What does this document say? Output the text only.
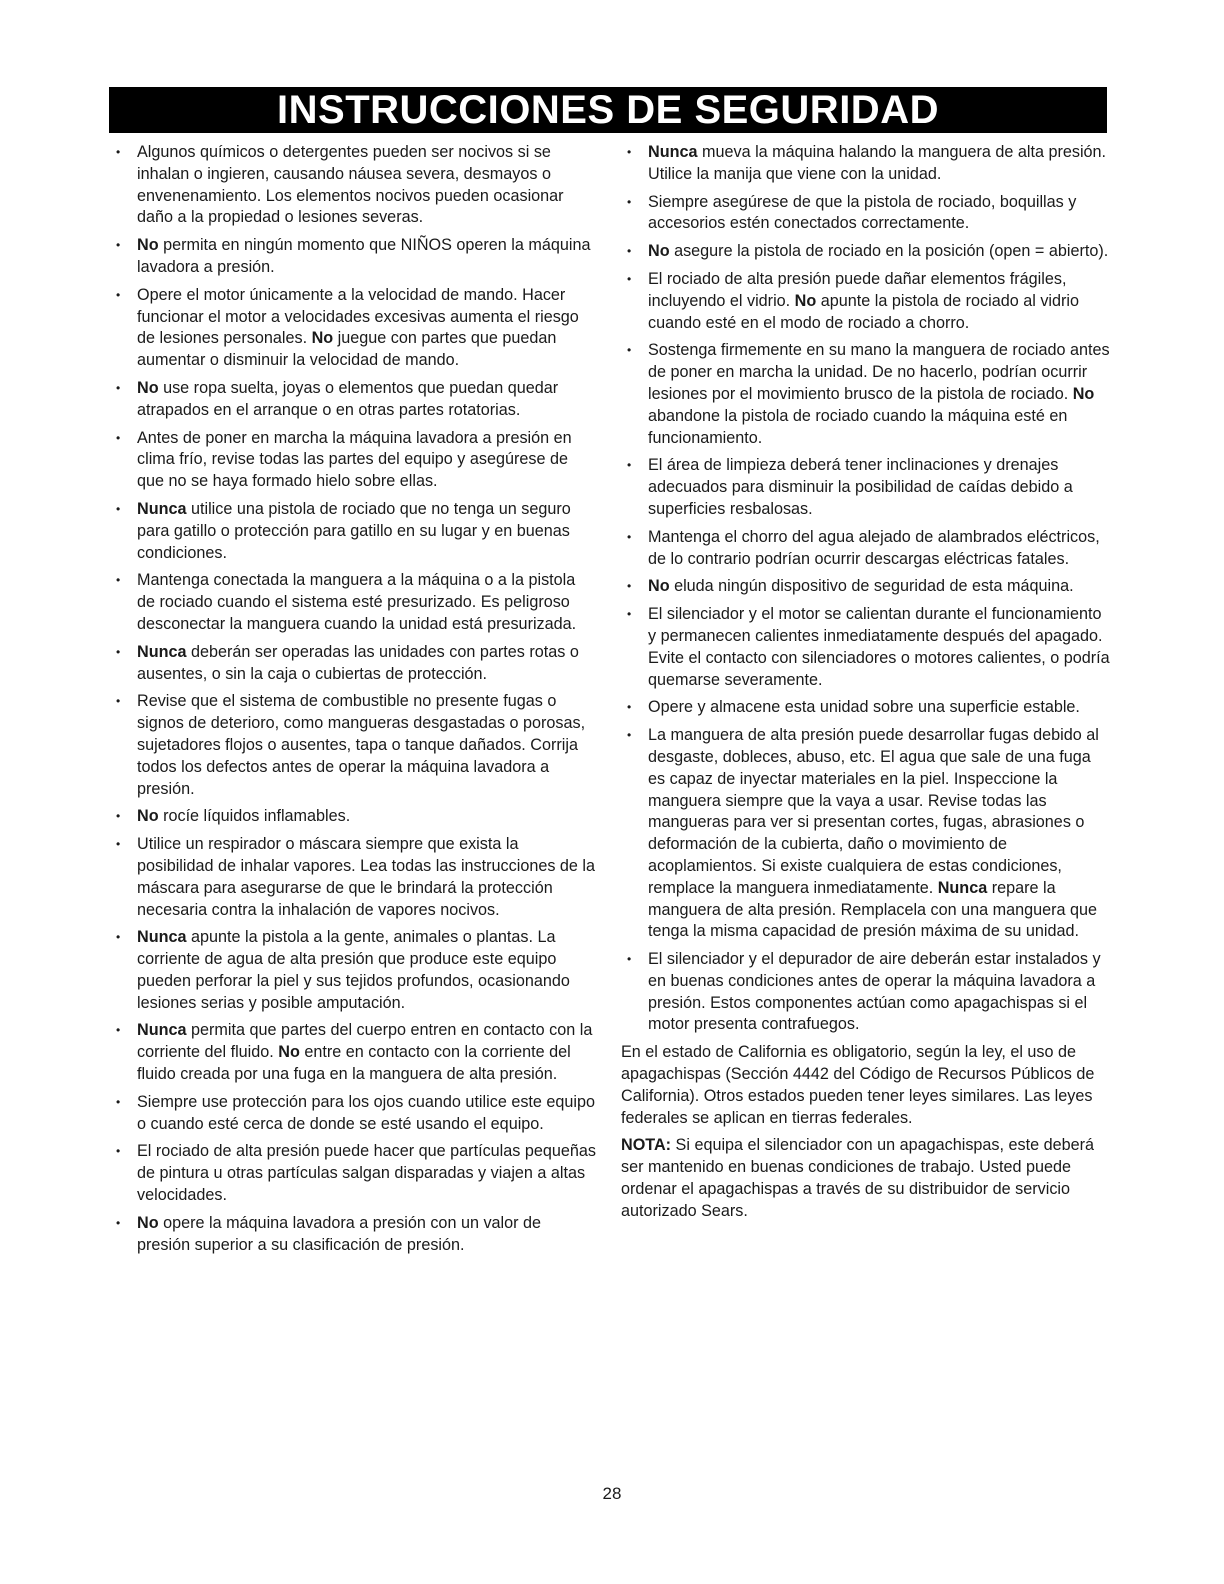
INSTRUCCIONES DE SEGURIDAD
• Algunos químicos o detergentes pueden ser nocivos si se inhalan o ingieren, causando náusea severa, desmayos o envenenamiento. Los elementos nocivos pueden ocasionar daño a la propiedad o lesiones severas.
• No permita en ningún momento que NIÑOS operen la máquina lavadora a presión.
• Opere el motor únicamente a la velocidad de mando. Hacer funcionar el motor a velocidades excesivas aumenta el riesgo de lesiones personales. No juegue con partes que puedan aumentar o disminuir la velocidad de mando.
• No use ropa suelta, joyas o elementos que puedan quedar atrapados en el arranque o en otras partes rotatorias.
• Antes de poner en marcha la máquina lavadora a presión en clima frío, revise todas las partes del equipo y asegúrese de que no se haya formado hielo sobre ellas.
• Nunca utilice una pistola de rociado que no tenga un seguro para gatillo o protección para gatillo en su lugar y en buenas condiciones.
• Mantenga conectada la manguera a la máquina o a la pistola de rociado cuando el sistema esté presurizado. Es peligroso desconectar la manguera cuando la unidad está presurizada.
• Nunca deberán ser operadas las unidades con partes rotas o ausentes, o sin la caja o cubiertas de protección.
• Revise que el sistema de combustible no presente fugas o signos de deterioro, como mangueras desgastadas o porosas, sujetadores flojos o ausentes, tapa o tanque dañados. Corrija todos los defectos antes de operar la máquina lavadora a presión.
• No rocíe líquidos inflamables.
• Utilice un respirador o máscara siempre que exista la posibilidad de inhalar vapores. Lea todas las instrucciones de la máscara para asegurarse de que le brindará la protección necesaria contra la inhalación de vapores nocivos.
• Nunca apunte la pistola a la gente, animales o plantas. La corriente de agua de alta presión que produce este equipo pueden perforar la piel y sus tejidos profundos, ocasionando lesiones serias y posible amputación.
• Nunca permita que partes del cuerpo entren en contacto con la corriente del fluido. No entre en contacto con la corriente del fluido creada por una fuga en la manguera de alta presión.
• Siempre use protección para los ojos cuando utilice este equipo o cuando esté cerca de donde se esté usando el equipo.
• El rociado de alta presión puede hacer que partículas pequeñas de pintura u otras partículas salgan disparadas y viajen a altas velocidades.
• No opere la máquina lavadora a presión con un valor de presión superior a su clasificación de presión.
• Nunca mueva la máquina halando la manguera de alta presión. Utilice la manija que viene con la unidad.
• Siempre asegúrese de que la pistola de rociado, boquillas y accesorios estén conectados correctamente.
• No asegure la pistola de rociado en la posición (open = abierto).
• El rociado de alta presión puede dañar elementos frágiles, incluyendo el vidrio. No apunte la pistola de rociado al vidrio cuando esté en el modo de rociado a chorro.
• Sostenga firmemente en su mano la manguera de rociado antes de poner en marcha la unidad. De no hacerlo, podrían ocurrir lesiones por el movimiento brusco de la pistola de rociado. No abandone la pistola de rociado cuando la máquina esté en funcionamiento.
• El área de limpieza deberá tener inclinaciones y drenajes adecuados para disminuir la posibilidad de caídas debido a superficies resbalosas.
• Mantenga el chorro del agua alejado de alambrados eléctricos, de lo contrario podrían ocurrir descargas eléctricas fatales.
• No eluda ningún dispositivo de seguridad de esta máquina.
• El silenciador y el motor se calientan durante el funcionamiento y permanecen calientes inmediatamente después del apagado. Evite el contacto con silenciadores o motores calientes, o podría quemarse severamente.
• Opere y almacene esta unidad sobre una superficie estable.
• La manguera de alta presión puede desarrollar fugas debido al desgaste, dobleces, abuso, etc. El agua que sale de una fuga es capaz de inyectar materiales en la piel. Inspeccione la manguera siempre que la vaya a usar. Revise todas las mangueras para ver si presentan cortes, fugas, abrasiones o deformación de la cubierta, daño o movimiento de acoplamientos. Si existe cualquiera de estas condiciones, remplace la manguera inmediatamente. Nunca repare la manguera de alta presión. Remplacela con una manguera que tenga la misma capacidad de presión máxima de su unidad.
• El silenciador y el depurador de aire deberán estar instalados y en buenas condiciones antes de operar la máquina lavadora a presión. Estos componentes actúan como apagachispas si el motor presenta contrafuegos.

En el estado de California es obligatorio, según la ley, el uso de apagachispas (Sección 4442 del Código de Recursos Públicos de California). Otros estados pueden tener leyes similares. Las leyes federales se aplican en tierras federales.

NOTA: Si equipa el silenciador con un apagachispas, este deberá ser mantenido en buenas condiciones de trabajo. Usted puede ordenar el apagachispas a través de su distribuidor de servicio autorizado Sears.

28
